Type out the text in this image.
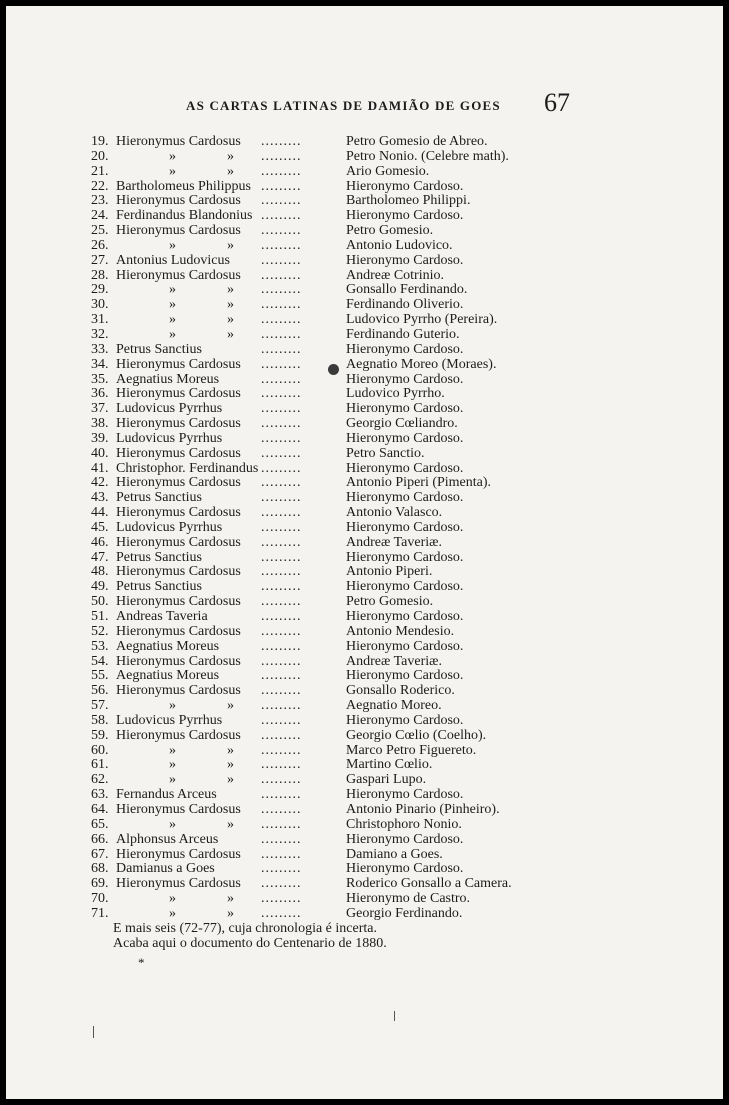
AS CARTAS LATINAS DE DAMIÃO DE GOES 67
19. Hieronymus Cardosus .........	Petro Gomesio de Abreo.
20.	»	» .........	Petro Nonio. (Celebre math).
21.	»	» .........	Ario Gomesio.
22. Bartholomeus Philippus .........	Hieronymo Cardoso.
23. Hieronymus Cardosus .........	Bartholomeo Philippi.
24. Ferdinandus Blandonius .........	Hieronymo Cardoso.
25. Hieronymus Cardosus .........	Petro Gomesio.
26.	»	» .........	Antonio Ludovico.
27. Antonius Ludovicus .........	Hieronymo Cardoso.
28. Hieronymus Cardosus .........	Andreæ Cotrinio.
29.	»	» .........	Gonsallo Ferdinando.
30.	»	» .........	Ferdinando Oliverio.
31.	»	» .........	Ludovico Pyrrho (Pereira).
32.	»	» .........	Ferdinando Guterio.
33. Petrus Sanctius	.........	Hieronymo Cardoso.
34. Hieronymus Cardosus .........	Aegnatio Moreo (Moraes).
35. Aegnatius Moreus	.........	Hieronymo Cardoso.
36. Hieronymus Cardosus .........	Ludovico Pyrrho.
37. Ludovicus Pyrrhus	.........	Hieronymo Cardoso.
38. Hieronymus Cardosus .........	Georgio Cœliandro.
39. Ludovicus Pyrrhus	.........	Hieronymo Cardoso.
40. Hieronymus Cardosus .........	Petro Sanctio.
41. Christophor. Ferdinandus .........	Hieronymo Cardoso.
42. Hieronymus Cardosus .........	Antonio Piperi (Pimenta).
43. Petrus Sanctius	.........	Hieronymo Cardoso.
44. Hieronymus Cardosus .........	Antonio Valasco.
45. Ludovicus Pyrrhus	.........	Hieronymo Cardoso.
46. Hieronymus Cardosus .........	Andreæ Taveriæ.
47. Petrus Sanctius	.........	Hieronymo Cardoso.
48. Hieronymus Cardosus .........	Antonio Piperi.
49. Petrus Sanctius	.........	Hieronymo Cardoso.
50. Hieronymus Cardosus .........	Petro Gomesio.
51. Andreas Taveria	.........	Hieronymo Cardoso.
52. Hieronymus Cardosus .........	Antonio Mendesio.
53. Aegnatius Moreus	.........	Hieronymo Cardoso.
54. Hieronymus Cardosus .........	Andreæ Taveriæ.
55. Aegnatius Moreus	.........	Hieronymo Cardoso.
56. Hieronymus Cardosus .........	Gonsallo Roderico.
57.	»	» .........	Aegnatio Moreo.
58. Ludovicus Pyrrhus	.........	Hieronymo Cardoso.
59. Hieronymus Cardosus .........	Georgio Cœlio (Coelho).
60.	»	» .........	Marco Petro Figuereto.
61.	»	» .........	Martino Cœlio.
62.	»	» .........	Gaspari Lupo.
63. Fernandus Arceus	.........	Hieronymo Cardoso.
64. Hieronymus Cardosus .........	Antonio Pinario (Pinheiro).
65.	»	» .........	Christophoro Nonio.
66. Alphonsus Arceus	.........	Hieronymo Cardoso.
67. Hieronymus Cardosus .........	Damiano a Goes.
68. Damianus a Goes	.........	Hieronymo Cardoso.
69. Hieronymus Cardosus .........	Roderico Gonsallo a Camera.
70.	»	» .........	Hieronymo de Castro.
71.	»	» .........	Georgio Ferdinando.
E mais seis (72-77), cuja chronologia é incerta.
Acaba aqui o documento do Centenario de 1880.
*
